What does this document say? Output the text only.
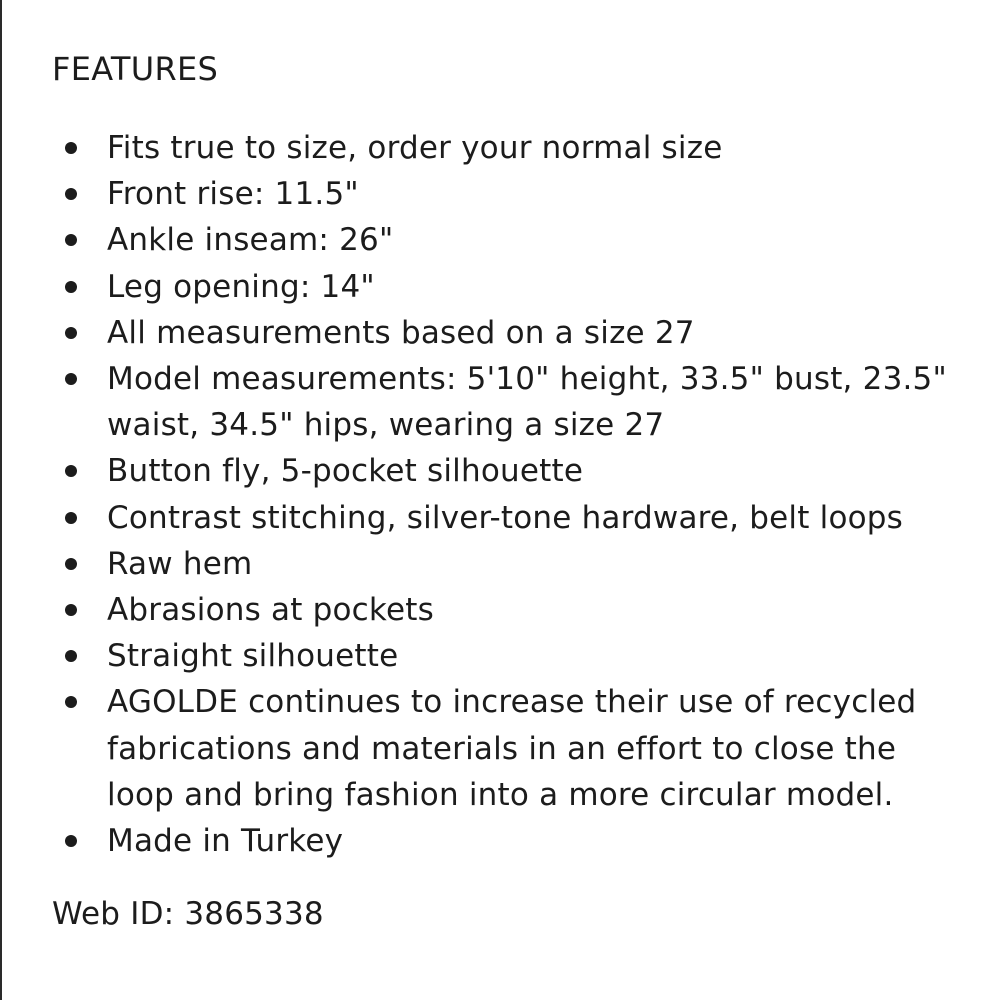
FEATURES
Fits true to size, order your normal size
Front rise: 11.5"
Ankle inseam: 26"
Leg opening: 14"
All measurements based on a size 27
Model measurements: 5'10" height, 33.5" bust, 23.5" waist, 34.5" hips, wearing a size 27
Button fly, 5-pocket silhouette
Contrast stitching, silver-tone hardware, belt loops
Raw hem
Abrasions at pockets
Straight silhouette
AGOLDE continues to increase their use of recycled fabrications and materials in an effort to close the loop and bring fashion into a more circular model.
Made in Turkey
Web ID: 3865338
